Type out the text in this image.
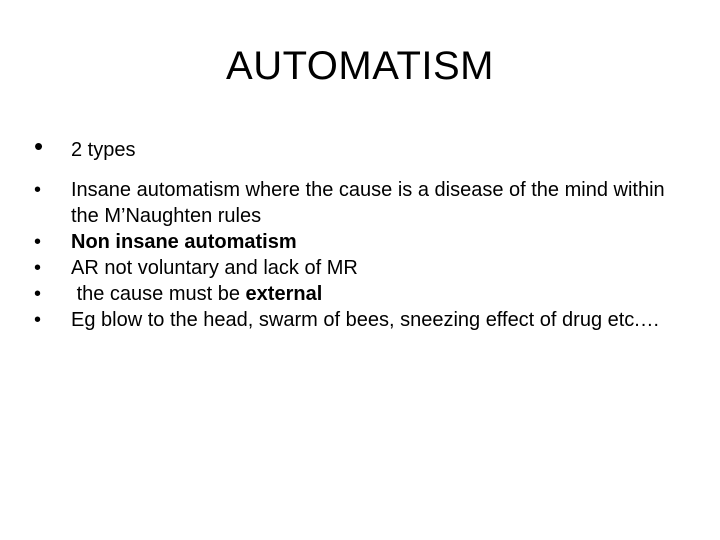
AUTOMATISM
• 2 types
• Insane automatism where the cause is a disease of the mind within the M’Naughten rules
• Non insane automatism
• AR not voluntary and lack of MR
• the cause must be external
• Eg blow to the head, swarm of bees, sneezing effect of drug etc.…
